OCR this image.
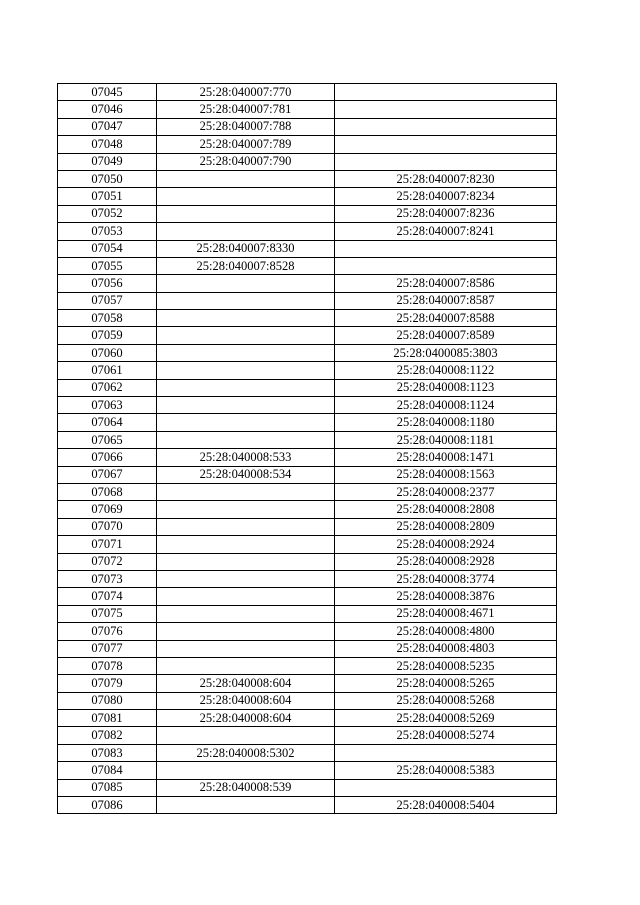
07045	25:28:040007:770	
07046	25:28:040007:781	
07047	25:28:040007:788	
07048	25:28:040007:789	
07049	25:28:040007:790	
07050		25:28:040007:8230
07051		25:28:040007:8234
07052		25:28:040007:8236
07053		25:28:040007:8241
07054	25:28:040007:8330	
07055	25:28:040007:8528	
07056		25:28:040007:8586
07057		25:28:040007:8587
07058		25:28:040007:8588
07059		25:28:040007:8589
07060		25:28:0400085:3803
07061		25:28:040008:1122
07062		25:28:040008:1123
07063		25:28:040008:1124
07064		25:28:040008:1180
07065		25:28:040008:1181
07066	25:28:040008:533	25:28:040008:1471
07067	25:28:040008:534	25:28:040008:1563
07068		25:28:040008:2377
07069		25:28:040008:2808
07070		25:28:040008:2809
07071		25:28:040008:2924
07072		25:28:040008:2928
07073		25:28:040008:3774
07074		25:28:040008:3876
07075		25:28:040008:4671
07076		25:28:040008:4800
07077		25:28:040008:4803
07078		25:28:040008:5235
07079	25:28:040008:604	25:28:040008:5265
07080	25:28:040008:604	25:28:040008:5268
07081	25:28:040008:604	25:28:040008:5269
07082		25:28:040008:5274
07083	25:28:040008:5302	
07084		25:28:040008:5383
07085	25:28:040008:539	
07086		25:28:040008:5404
